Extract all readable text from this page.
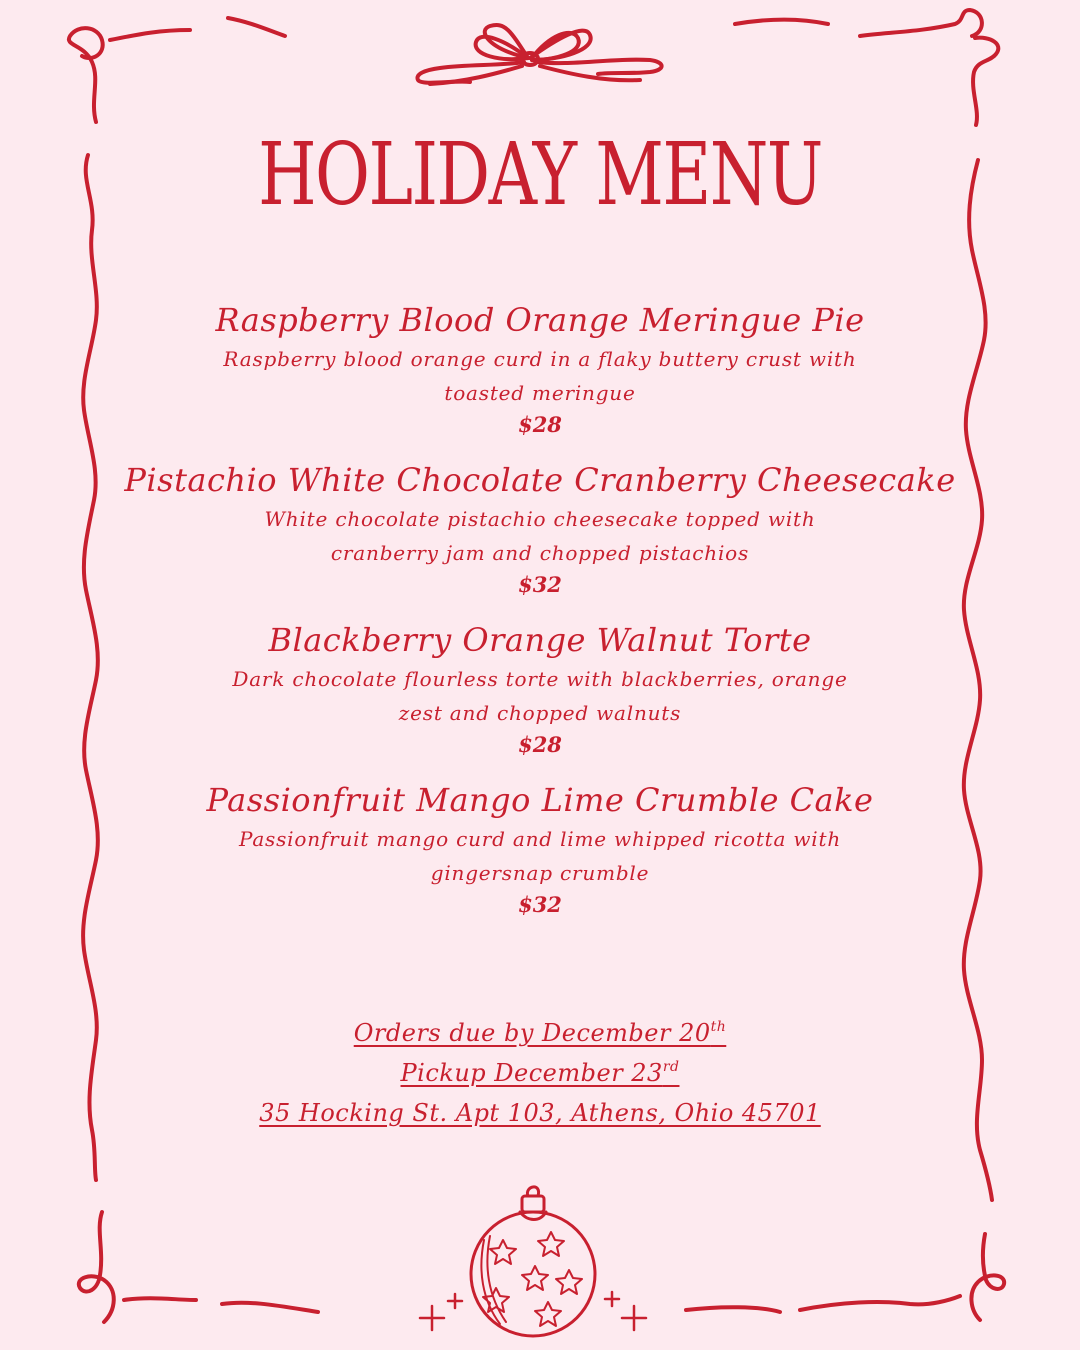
HOLIDAY MENU
Raspberry Blood Orange Meringue Pie
Raspberry blood orange curd in a flaky buttery crust with toasted meringue
$28
Pistachio White Chocolate Cranberry Cheesecake
White chocolate pistachio cheesecake topped with cranberry jam and chopped pistachios
$32
Blackberry Orange Walnut Torte
Dark chocolate flourless torte with blackberries, orange zest and chopped walnuts
$28
Passionfruit Mango Lime Crumble Cake
Passionfruit mango curd and lime whipped ricotta with gingersnap crumble
$32
Orders due by December 20th
Pickup December 23rd
35 Hocking St. Apt 103, Athens, Ohio 45701
